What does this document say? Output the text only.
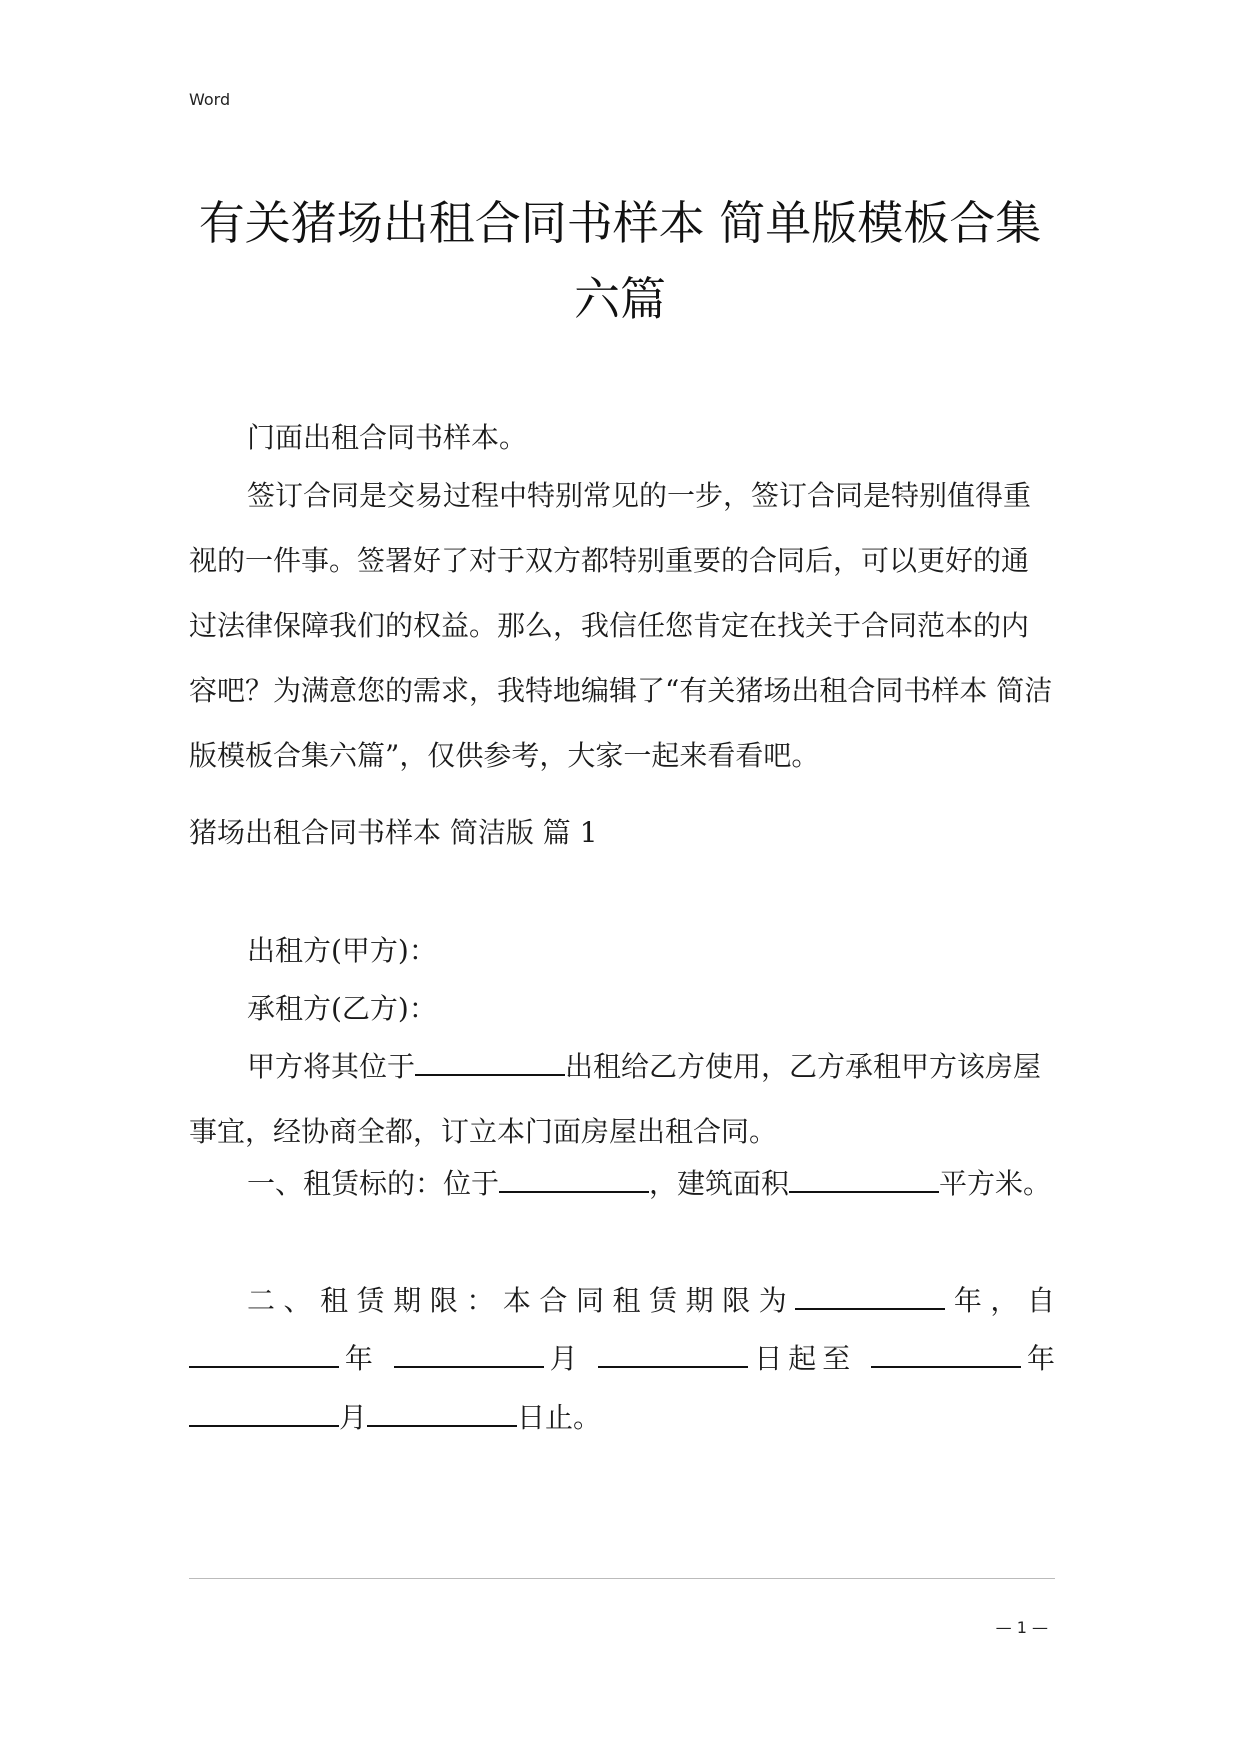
Word
有关猪场出租合同书样本 简单版模板合集
六篇

门面出租合同书样本。

签订合同是交易过程中特别常见的一步，签订合同是特别值得重视的一件事。签署好了对于双方都特别重要的合同后，可以更好的通过法律保障我们的权益。那么，我信任您肯定在找关于合同范本的内容吧？为满意您的需求，我特地编辑了“有关猪场出租合同书样本 简洁版模板合集六篇”，仅供参考，大家一起来看看吧。

猪场出租合同书样本 简洁版 篇 1

出租方(甲方)：

承租方(乙方)：

甲方将其位于	出租给乙方使用，乙方承租甲方该房屋事宜，经协商全都，订立本门面房屋出租合同。

一、租赁标的：位于	，建筑面积	平方米。

二、租赁期限：本合同租赁期限为	年，自

年	月	日起至	年

月	日止。

— 1 —
